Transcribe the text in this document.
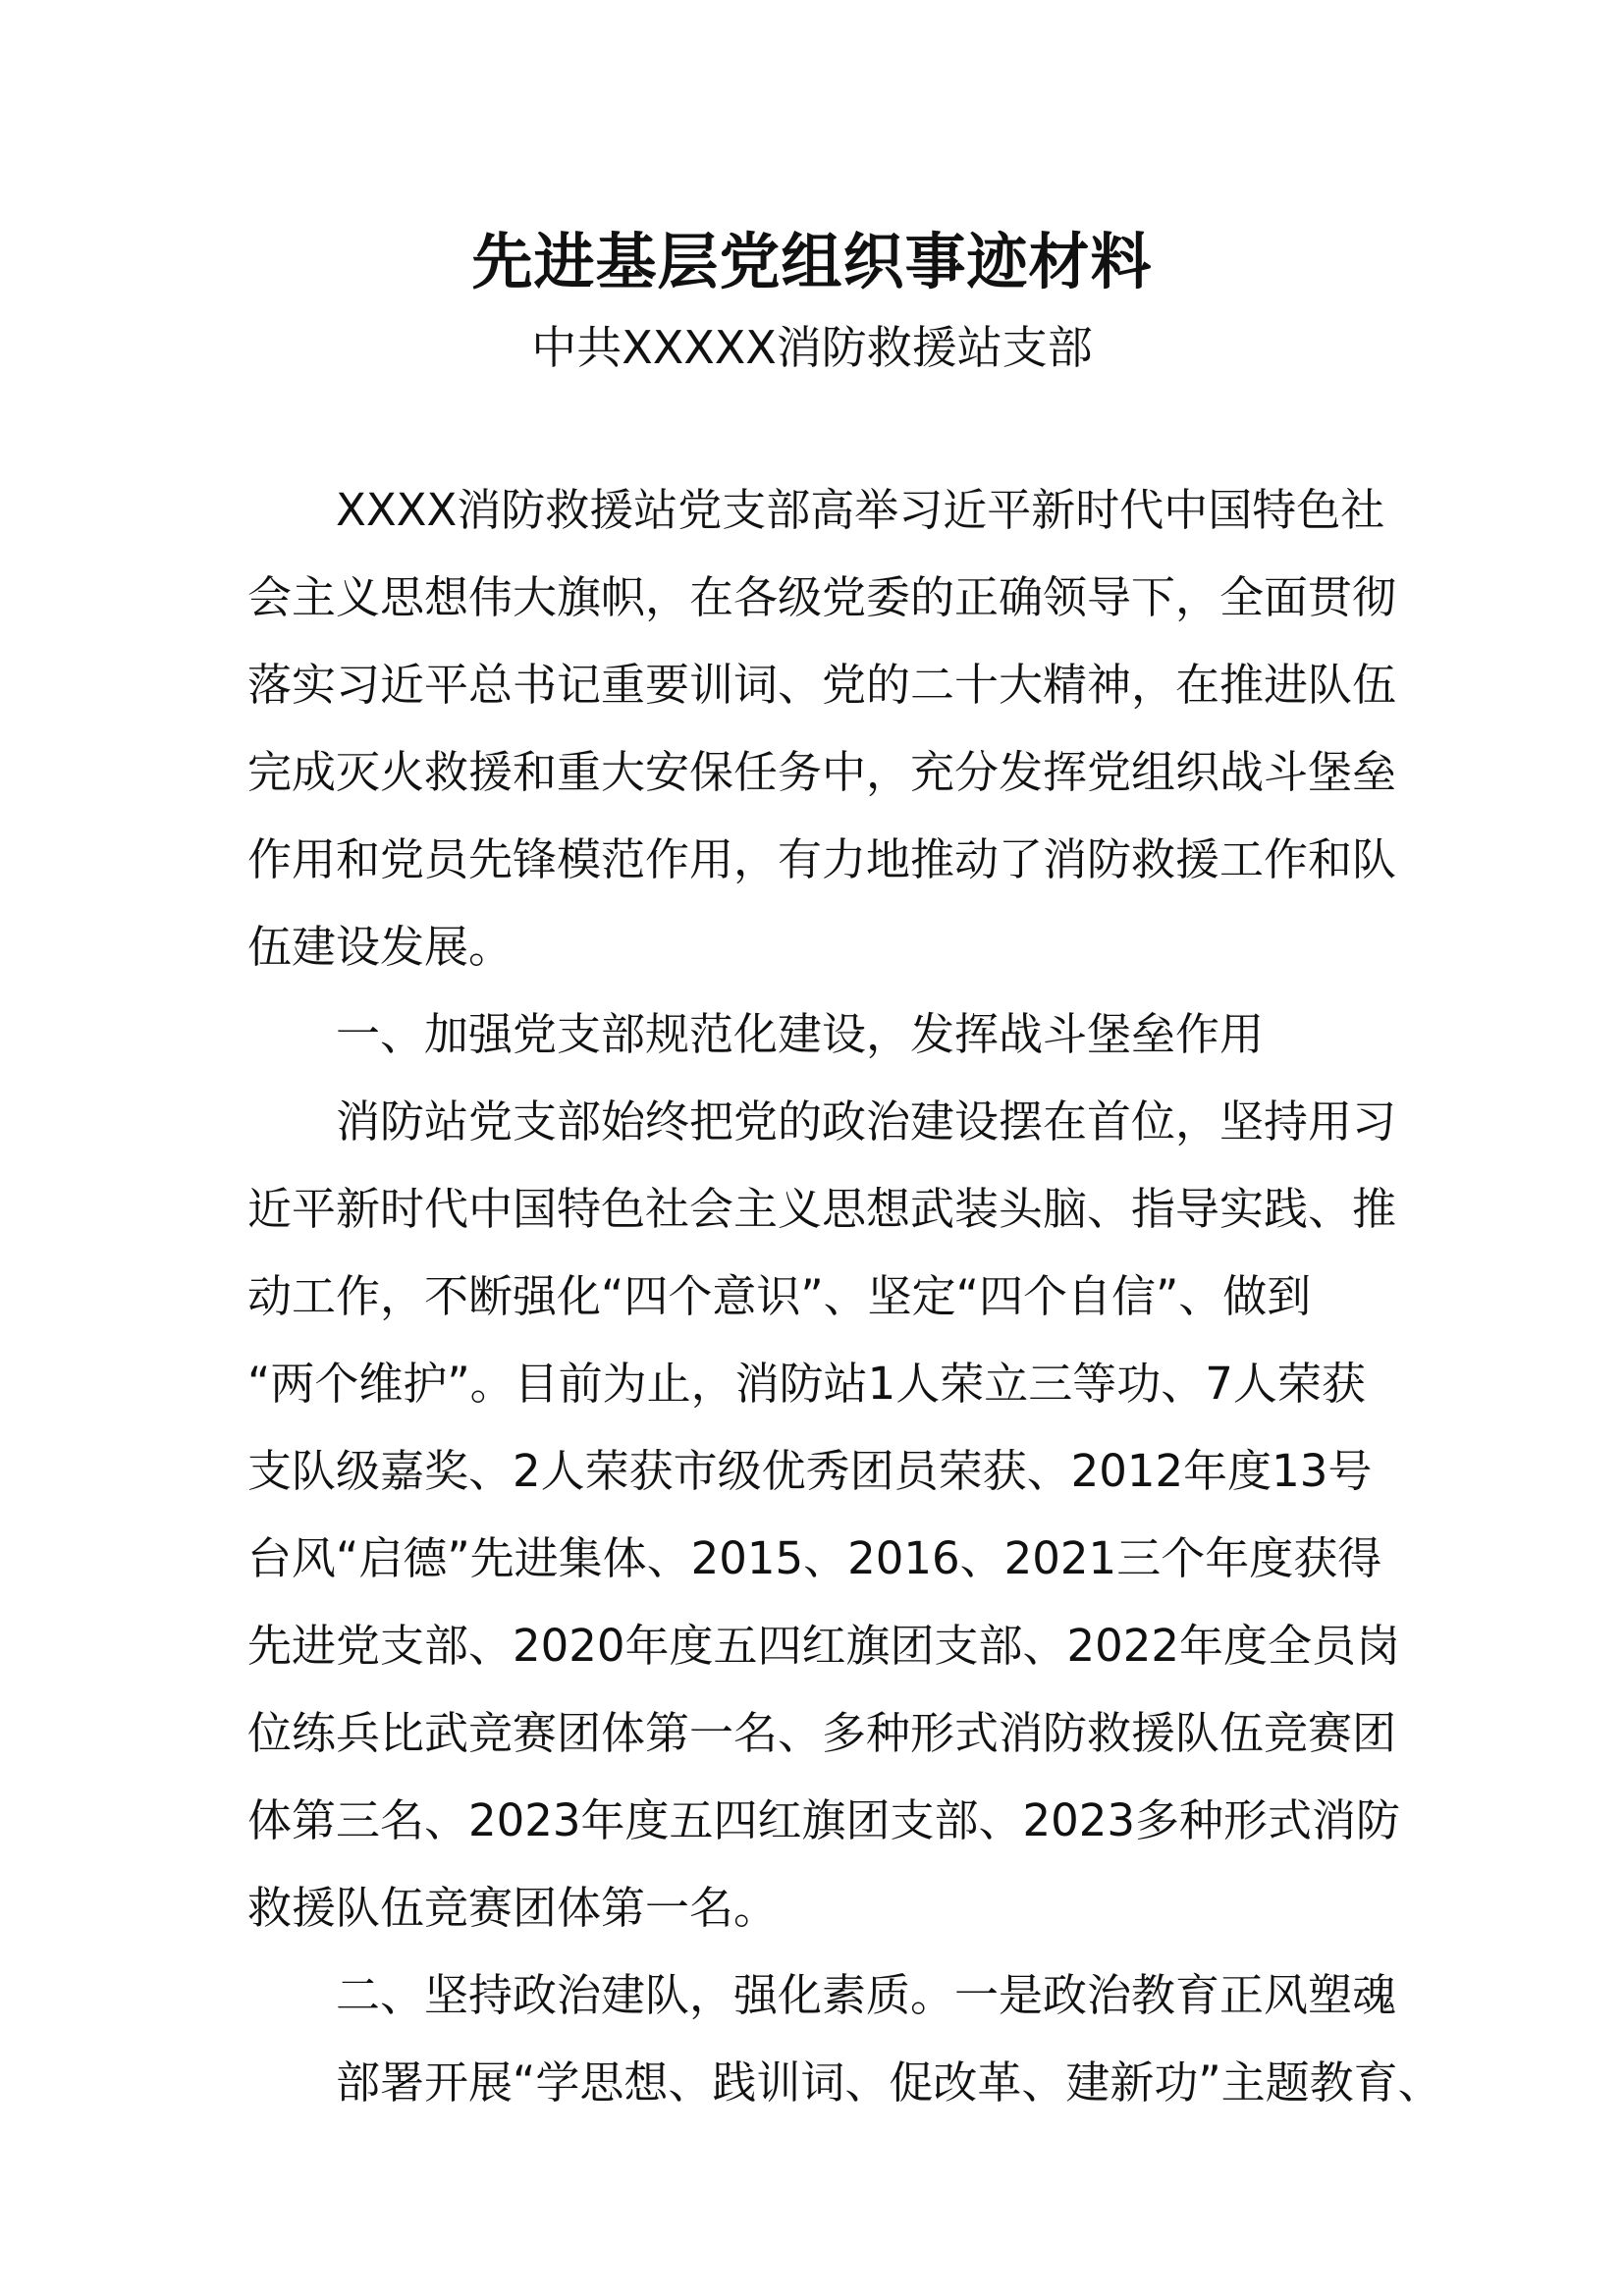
先进基层党组织事迹材料
中共XXXXX消防救援站支部
XXXX消防救援站党支部高举习近平新时代中国特色社
会主义思想伟大旗帜，在各级党委的正确领导下，全面贯彻
落实习近平总书记重要训词、党的二十大精神，在推进队伍
完成灭火救援和重大安保任务中，充分发挥党组织战斗堡垒
作用和党员先锋模范作用，有力地推动了消防救援工作和队
伍建设发展。
一、加强党支部规范化建设，发挥战斗堡垒作用
消防站党支部始终把党的政治建设摆在首位，坚持用习
近平新时代中国特色社会主义思想武装头脑、指导实践、推
动工作，不断强化“四个意识”、坚定“四个自信”、做到
“两个维护”。目前为止，消防站1人荣立三等功、7人荣获
支队级嘉奖、2人荣获市级优秀团员荣获、2012年度13号
台风“启德”先进集体、2015、2016、2021三个年度获得
先进党支部、2020年度五四红旗团支部、2022年度全员岗
位练兵比武竞赛团体第一名、多种形式消防救援队伍竞赛团
体第三名、2023年度五四红旗团支部、2023多种形式消防
救援队伍竞赛团体第一名。
二、坚持政治建队，强化素质。一是政治教育正风塑魂
部署开展“学思想、践训词、促改革、建新功”主题教育、
